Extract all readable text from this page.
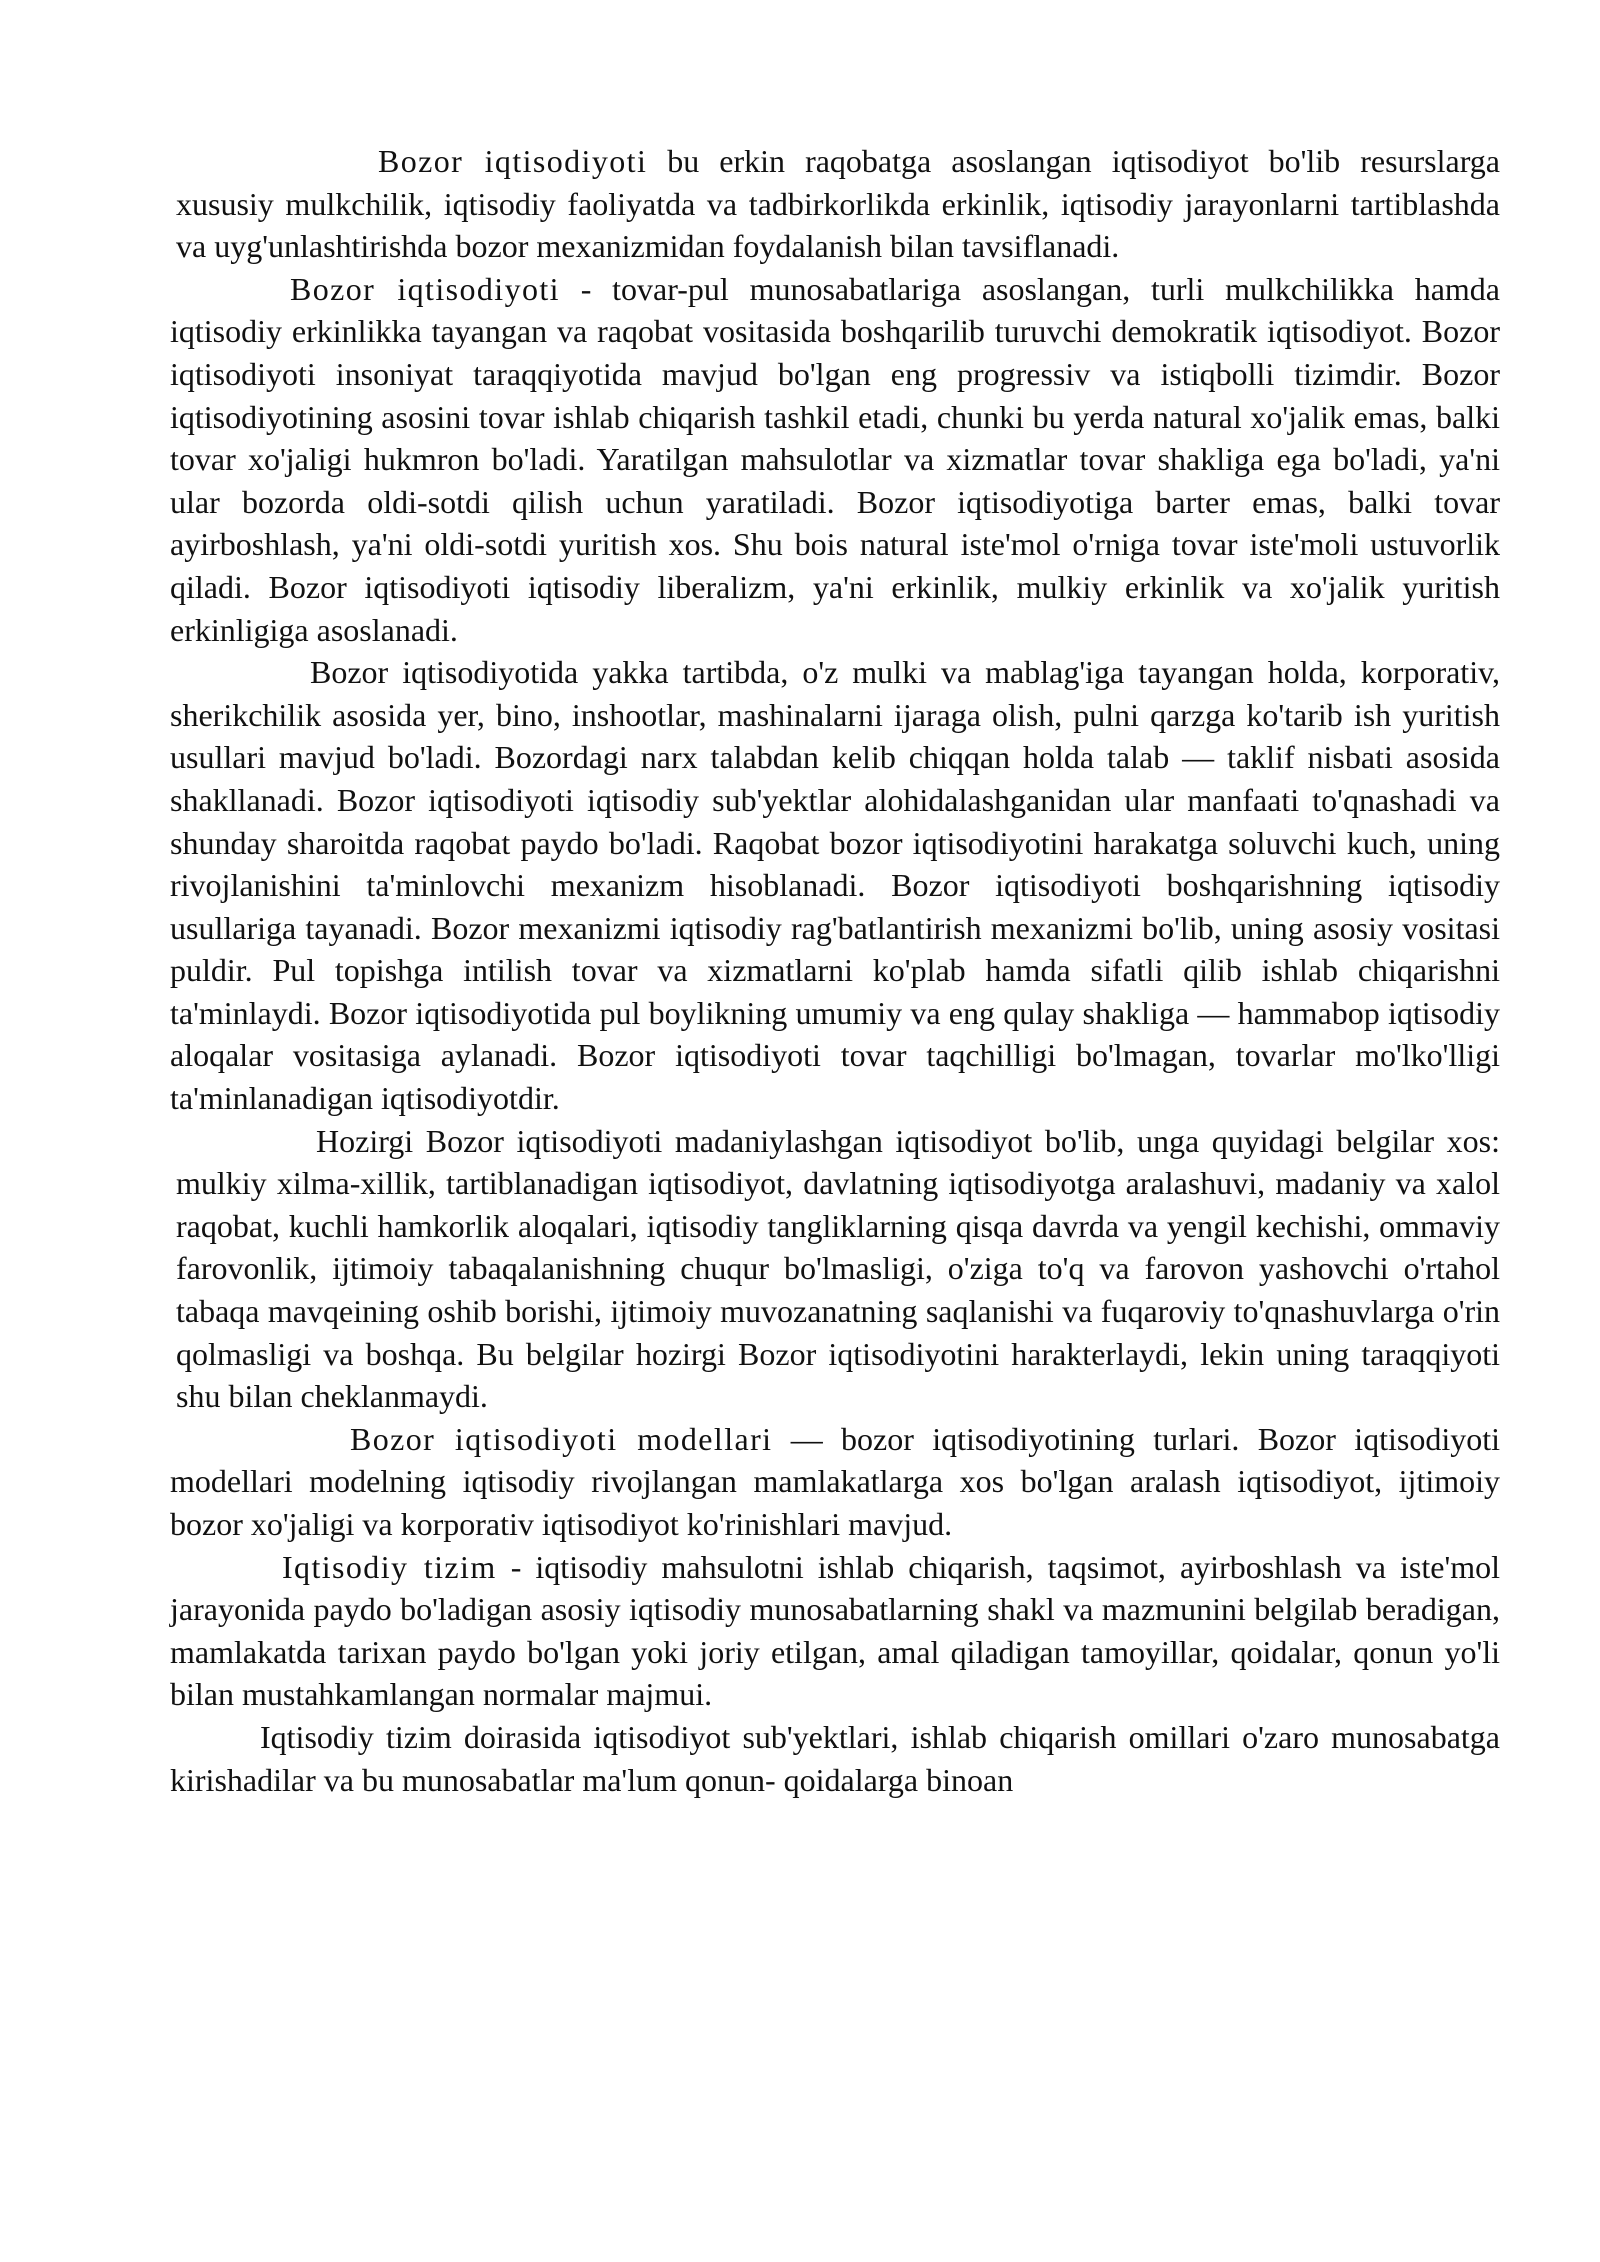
Bozor iqtisodiyoti bu erkin raqobatga asoslangan iqtisodiyot bo'lib resurslarga xususiy mulkchilik, iqtisodiy faoliyatda va tadbirkorlikda erkinlik, iqtisodiy jarayonlarni tartiblashda va uyg'unlashtirishda bozor mexanizmidan foydalanish bilan tavsiflanadi.

Bozor iqtisodiyoti - tovar-pul munosabatlariga asoslangan, turli mulkchilikka hamda iqtisodiy erkinlikka tayangan va raqobat vositasida boshqarilib turuvchi demokratik iqtisodiyot. Bozor iqtisodiyoti insoniyat taraqqiyotida mavjud bo'lgan eng progressiv va istiqbolli tizimdir. Bozor iqtisodiyotining asosini tovar ishlab chiqarish tashkil etadi, chunki bu yerda natural xo'jalik emas, balki tovar xo'jaligi hukmron bo'ladi. Yaratilgan mahsulotlar va xizmatlar tovar shakliga ega bo'ladi, ya'ni ular bozorda oldi-sotdi qilish uchun yaratiladi. Bozor iqtisodiyotiga barter emas, balki tovar ayirboshlash, ya'ni oldi-sotdi yuritish xos. Shu bois natural iste'mol o'rniga tovar iste'moli ustuvorlik qiladi. Bozor iqtisodiyoti iqtisodiy liberalizm, ya'ni erkinlik, mulkiy erkinlik va xo'jalik yuritish erkinligiga asoslanadi.

Bozor iqtisodiyotida yakka tartibda, o'z mulki va mablag'iga tayangan holda, korporativ, sherikchilik asosida yer, bino, inshootlar, mashinalarni ijaraga olish, pulni qarzga ko'tarib ish yuritish usullari mavjud bo'ladi. Bozordagi narx talabdan kelib chiqqan holda talab — taklif nisbati asosida shakllanadi. Bozor iqtisodiyoti iqtisodiy sub'yektlar alohidalashganidan ular manfaati to'qnashadi va shunday sharoitda raqobat paydo bo'ladi. Raqobat bozor iqtisodiyotini harakatga soluvchi kuch, uning rivojlanishini ta'minlovchi mexanizm hisoblanadi. Bozor iqtisodiyoti boshqarishning iqtisodiy usullariga tayanadi. Bozor mexanizmi iqtisodiy rag'batlantirish mexanizmi bo'lib, uning asosiy vositasi puldir. Pul topishga intilish tovar va xizmatlarni ko'plab hamda sifatli qilib ishlab chiqarishni ta'minlaydi. Bozor iqtisodiyotida pul boylikning umumiy va eng qulay shakliga — hammabop iqtisodiy aloqalar vositasiga aylanadi. Bozor iqtisodiyoti tovar taqchilligi bo'lmagan, tovarlar mo'lko'lligi ta'minlanadigan iqtisodiyotdir.

Hozirgi Bozor iqtisodiyoti madaniylashgan iqtisodiyot bo'lib, unga quyidagi belgilar xos: mulkiy xilma-xillik, tartiblanadigan iqtisodiyot, davlatning iqtisodiyotga aralashuvi, madaniy va xalol raqobat, kuchli hamkorlik aloqalari, iqtisodiy tangliklarning qisqa davrda va yengil kechishi, ommaviy farovonlik, ijtimoiy tabaqalanishning chuqur bo'lmasligi, o'ziga to'q va farovon yashovchi o'rtahol tabaqa mavqeining oshib borishi, ijtimoiy muvozanatning saqlanishi va fuqaroviy to'qnashuvlarga o'rin qolmasligi va boshqa. Bu belgilar hozirgi Bozor iqtisodiyotini harakterlaydi, lekin uning taraqqiyoti shu bilan cheklanmaydi.

Bozor iqtisodiyoti modellari — bozor iqtisodiyotining turlari. Bozor iqtisodiyoti modellari modelning iqtisodiy rivojlangan mamlakatlarga xos bo'lgan aralash iqtisodiyot, ijtimoiy bozor xo'jaligi va korporativ iqtisodiyot ko'rinishlari mavjud.

Iqtisodiy tizim - iqtisodiy mahsulotni ishlab chiqarish, taqsimot, ayirboshlash va iste'mol jarayonida paydo bo'ladigan asosiy iqtisodiy munosabatlarning shakl va mazmunini belgilab beradigan, mamlakatda tarixan paydo bo'lgan yoki joriy etilgan, amal qiladigan tamoyillar, qoidalar, qonun yo'li bilan mustahkamlangan normalar majmui.

Iqtisodiy tizim doirasida iqtisodiyot sub'yektlari, ishlab chiqarish omillari o'zaro munosabatga kirishadilar va bu munosabatlar ma'lum qonun- qoidalarga binoan
